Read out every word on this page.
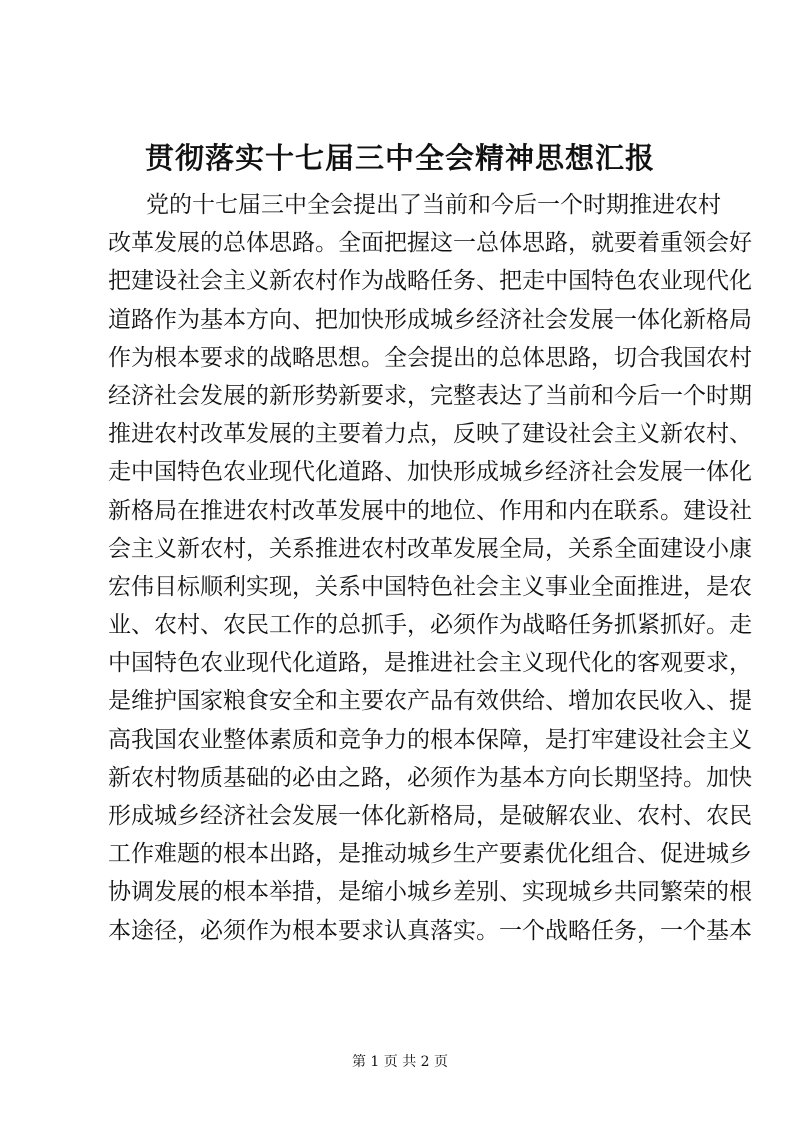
贯彻落实十七届三中全会精神思想汇报
党的十七届三中全会提出了当前和今后一个时期推进农村
改革发展的总体思路。全面把握这一总体思路，就要着重领会好
把建设社会主义新农村作为战略任务、把走中国特色农业现代化
道路作为基本方向、把加快形成城乡经济社会发展一体化新格局
作为根本要求的战略思想。全会提出的总体思路，切合我国农村
经济社会发展的新形势新要求，完整表达了当前和今后一个时期
推进农村改革发展的主要着力点，反映了建设社会主义新农村、
走中国特色农业现代化道路、加快形成城乡经济社会发展一体化
新格局在推进农村改革发展中的地位、作用和内在联系。建设社
会主义新农村，关系推进农村改革发展全局，关系全面建设小康
宏伟目标顺利实现，关系中国特色社会主义事业全面推进，是农
业、农村、农民工作的总抓手，必须作为战略任务抓紧抓好。走
中国特色农业现代化道路，是推进社会主义现代化的客观要求，
是维护国家粮食安全和主要农产品有效供给、增加农民收入、提
高我国农业整体素质和竞争力的根本保障，是打牢建设社会主义
新农村物质基础的必由之路，必须作为基本方向长期坚持。加快
形成城乡经济社会发展一体化新格局，是破解农业、农村、农民
工作难题的根本出路，是推动城乡生产要素优化组合、促进城乡
协调发展的根本举措，是缩小城乡差别、实现城乡共同繁荣的根
本途径，必须作为根本要求认真落实。一个战略任务，一个基本
第 1 页 共 2 页
